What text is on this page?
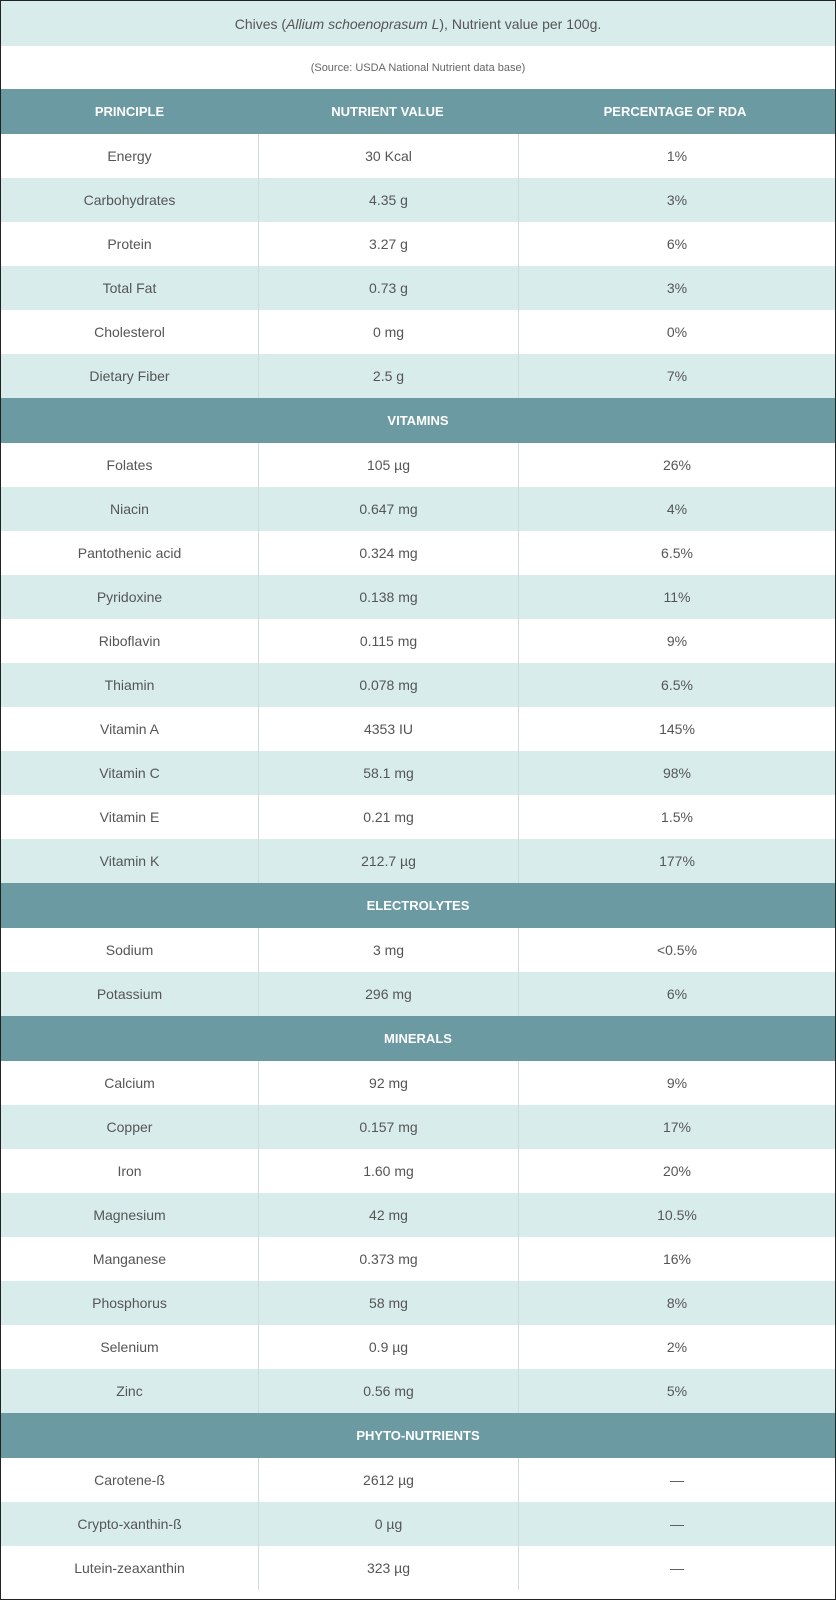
Chives ( Allium schoenoprasum L ), Nutrient value per 100g.
(Source: USDA National Nutrient data base)
PRINCIPLE	NUTRIENT VALUE	PERCENTAGE OF RDA
Energy	30 Kcal	1%
Carbohydrates	4.35 g	3%
Protein	3.27 g	6%
Total Fat	0.73 g	3%
Cholesterol	0 mg	0%
Dietary Fiber	2.5 g	7%
VITAMINS
Folates	105 µg	26%
Niacin	0.647 mg	4%
Pantothenic acid	0.324 mg	6.5%
Pyridoxine	0.138 mg	11%
Riboflavin	0.115 mg	9%
Thiamin	0.078 mg	6.5%
Vitamin A	4353 IU	145%
Vitamin C	58.1 mg	98%
Vitamin E	0.21 mg	1.5%
Vitamin K	212.7 µg	177%
ELECTROLYTES
Sodium	3 mg	<0.5%
Potassium	296 mg	6%
MINERALS
Calcium	92 mg	9%
Copper	0.157 mg	17%
Iron	1.60 mg	20%
Magnesium	42 mg	10.5%
Manganese	0.373 mg	16%
Phosphorus	58 mg	8%
Selenium	0.9 µg	2%
Zinc	0.56 mg	5%
PHYTO-NUTRIENTS
Carotene-ß	2612 µg	—
Crypto-xanthin-ß	0 µg	—
Lutein-zeaxanthin	323 µg	—
